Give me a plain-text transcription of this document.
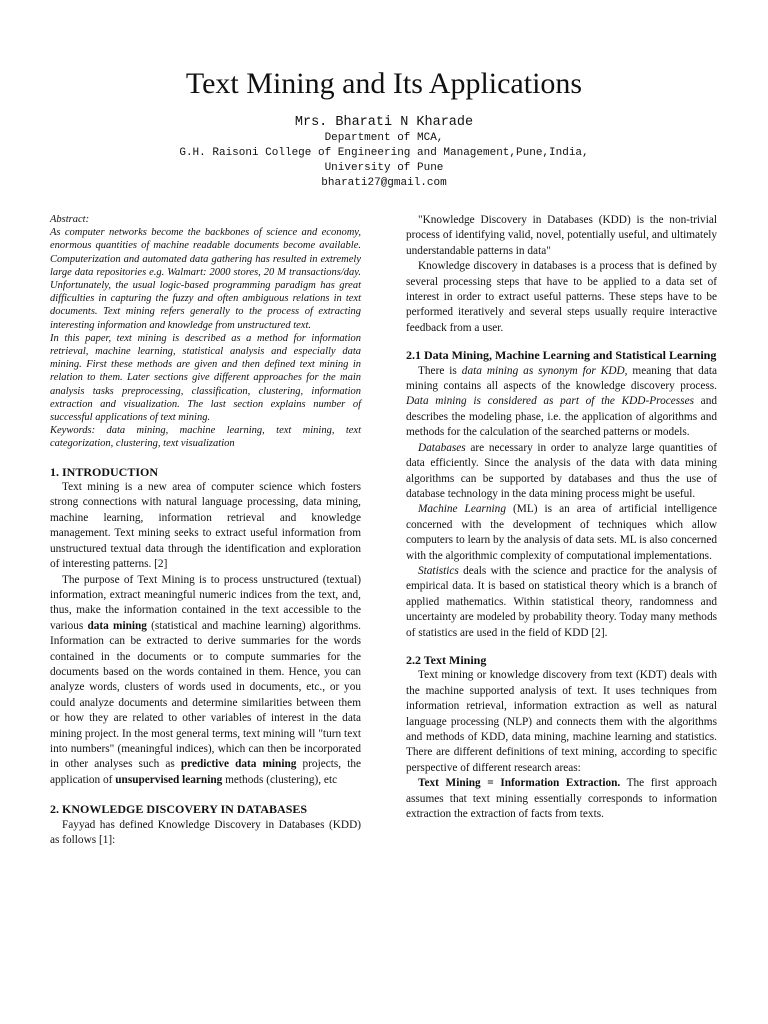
Text Mining and Its Applications
Mrs. Bharati N Kharade
Department of MCA,
G.H. Raisoni College of Engineering and Management,Pune,India,
University of Pune
bharati27@gmail.com

Abstract:

As computer networks become the backbones of science and economy, enormous quantities of machine readable documents become available. Computerization and automated data gathering has resulted in extremely large data repositories e.g. Walmart: 2000 stores, 20 M transactions/day. Unfortunately, the usual logic-based programming paradigm has great difficulties in capturing the fuzzy and often ambiguous relations in text documents. Text mining refers generally to the process of extracting interesting information and knowledge from unstructured text.

In this paper, text mining is described as a method for information retrieval, machine learning, statistical analysis and especially data mining. First these methods are given and then defined text mining in relation to them. Later sections give different approaches for the main analysis tasks preprocessing, classification, clustering, information extraction and visualization. The last section explains number of successful applications of text mining.

Keywords: data mining, machine learning, text mining, text categorization, clustering, text visualization

1. INTRODUCTION

Text mining is a new area of computer science which fosters strong connections with natural language processing, data mining, machine learning, information retrieval and knowledge management. Text mining seeks to extract useful information from unstructured textual data through the identification and exploration of interesting patterns. [2]

The purpose of Text Mining is to process unstructured (textual) information, extract meaningful numeric indices from the text, and, thus, make the information contained in the text accessible to the various data mining (statistical and machine learning) algorithms. Information can be extracted to derive summaries for the words contained in the documents or to compute summaries for the documents based on the words contained in them. Hence, you can analyze words, clusters of words used in documents, etc., or you could analyze documents and determine similarities between them or how they are related to other variables of interest in the data mining project. In the most general terms, text mining will "turn text into numbers" (meaningful indices), which can then be incorporated in other analyses such as predictive data mining projects, the application of unsupervised learning methods (clustering), etc

2. KNOWLEDGE DISCOVERY IN DATABASES

Fayyad has defined Knowledge Discovery in Databases (KDD) as follows [1]:

"Knowledge Discovery in Databases (KDD) is the non-trivial process of identifying valid, novel, potentially useful, and ultimately understandable patterns in data"

Knowledge discovery in databases is a process that is defined by several processing steps that have to be applied to a data set of interest in order to extract useful patterns. These steps have to be performed iteratively and several steps usually require interactive feedback from a user.

2.1 Data Mining, Machine Learning and Statistical Learning

There is data mining as synonym for KDD, meaning that data mining contains all aspects of the knowledge discovery process. Data mining is considered as part of the KDD-Processes and describes the modeling phase, i.e. the application of algorithms and methods for the calculation of the searched patterns or models.

Databases are necessary in order to analyze large quantities of data efficiently. Since the analysis of the data with data mining algorithms can be supported by databases and thus the use of database technology in the data mining process might be useful.

Machine Learning (ML) is an area of artificial intelligence concerned with the development of techniques which allow computers to learn by the analysis of data sets. ML is also concerned with the algorithmic complexity of computational implementations.

Statistics deals with the science and practice for the analysis of empirical data. It is based on statistical theory which is a branch of applied mathematics. Within statistical theory, randomness and uncertainty are modeled by probability theory. Today many methods of statistics are used in the field of KDD [2].

2.2 Text Mining

Text mining or knowledge discovery from text (KDT) deals with the machine supported analysis of text. It uses techniques from information retrieval, information extraction as well as natural language processing (NLP) and connects them with the algorithms and methods of KDD, data mining, machine learning and statistics. There are different definitions of text mining, according to specific perspective of different research areas:

Text Mining = Information Extraction. The first approach assumes that text mining essentially corresponds to information extraction the extraction of facts from texts.
